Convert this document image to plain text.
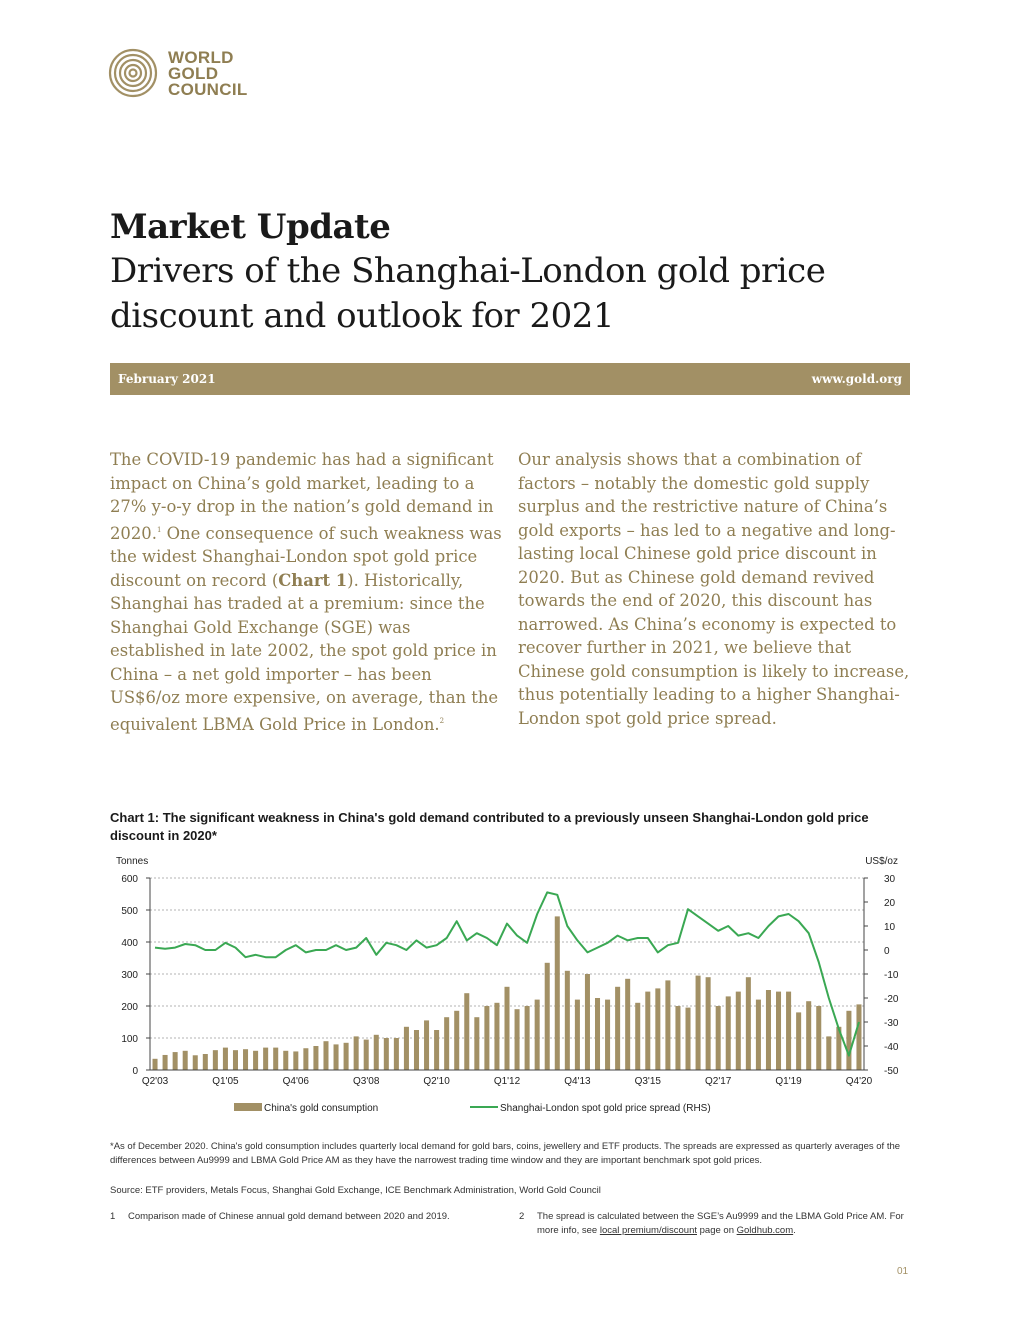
WORLD
GOLD
COUNCIL
Market Update
Drivers of the Shanghai-London gold price
discount and outlook for 2021
February 2021	www.gold.org
The COVID-19 pandemic has had a significant impact on China’s gold market, leading to a 27% y-o-y drop in the nation’s gold demand in 2020.$^1$ One consequence of such weakness was the widest Shanghai-London spot gold price discount on record (Chart 1). Historically, Shanghai has traded at a premium: since the Shanghai Gold Exchange (SGE) was established in late 2002, the spot gold price in China – a net gold importer – has been US$6/oz more expensive, on average, than the equivalent LBMA Gold Price in London.$^2$
Our analysis shows that a combination of factors – notably the domestic gold supply surplus and the restrictive nature of China’s gold exports – has led to a negative and long-lasting local Chinese gold price discount in 2020. But as Chinese gold demand revived towards the end of 2020, this discount has narrowed. As China’s economy is expected to recover further in 2021, we believe that Chinese gold consumption is likely to increase, thus potentially leading to a higher Shanghai-London spot gold price spread.
Chart 1: The significant weakness in China's gold demand contributed to a previously unseen Shanghai-London gold price discount in 2020*
0
100
200
300
400
500
600
-50
-40
-30
-20
-10
0
10
20
30
Tonnes	US$/oz
Q2'03	Q1'05	Q4'06	Q3'08	Q2'10	Q1'12	Q4'13	Q3'15	Q2'17	Q1'19	Q4'20
China's gold consumption	Shanghai-London spot gold price spread (RHS)
*As of December 2020. China's gold consumption includes quarterly local demand for gold bars, coins, jewellery and ETF products. The spreads are expressed as quarterly averages of the differences between Au9999 and LBMA Gold Price AM as they have the narrowest trading time window and they are important benchmark spot gold prices.
Source: ETF providers, Metals Focus, Shanghai Gold Exchange, ICE Benchmark Administration, World Gold Council
1 Comparison made of Chinese annual gold demand between 2020 and 2019.	2 The spread is calculated between the SGE’s Au9999 and the LBMA Gold Price AM. For more info, see local premium/discount page on Goldhub.com.
01
